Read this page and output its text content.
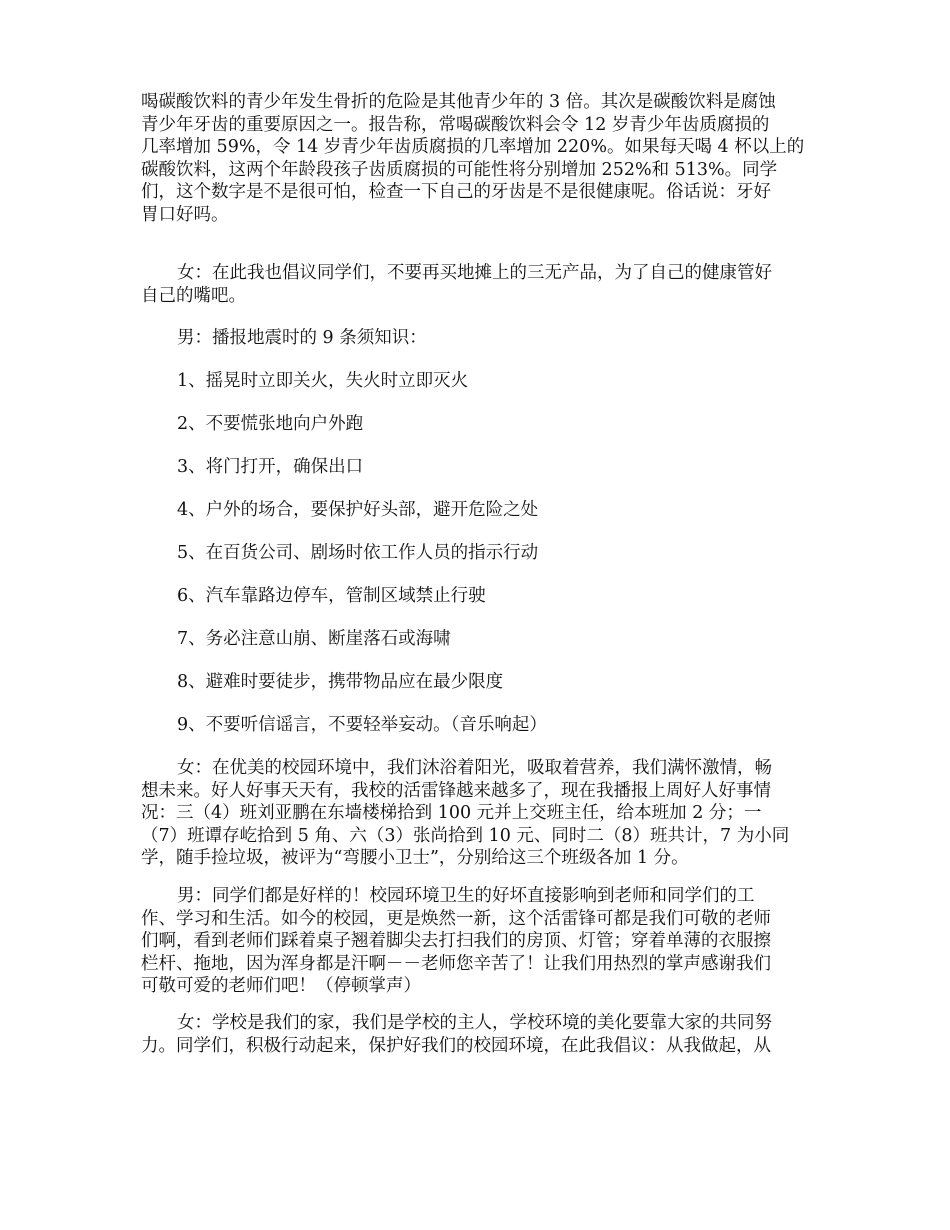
喝碳酸饮料的青少年发生骨折的危险是其他青少年的 3 倍。其次是碳酸饮料是腐蚀
青少年牙齿的重要原因之一。报告称，常喝碳酸饮料会令 12 岁青少年齿质腐损的
几率增加 59%，令 14 岁青少年齿质腐损的几率增加 220%。如果每天喝 4 杯以上的
碳酸饮料，这两个年龄段孩子齿质腐损的可能性将分别增加 252%和 513%。同学
们，这个数字是不是很可怕，检查一下自己的牙齿是不是很健康呢。俗话说：牙好
胃口好吗。
女：在此我也倡议同学们，不要再买地摊上的三无产品，为了自己的健康管好
自己的嘴吧。
男：播报地震时的 9 条须知识：
1、摇晃时立即关火，失火时立即灭火
2、不要慌张地向户外跑
3、将门打开，确保出口
4、户外的场合，要保护好头部，避开危险之处
5、在百货公司、剧场时依工作人员的指示行动
6、汽车靠路边停车，管制区域禁止行驶
7、务必注意山崩、断崖落石或海啸
8、避难时要徒步，携带物品应在最少限度
9、不要听信谣言，不要轻举妄动。（音乐响起）
女：在优美的校园环境中，我们沐浴着阳光，吸取着营养，我们满怀激情，畅
想未来。好人好事天天有，我校的活雷锋越来越多了，现在我播报上周好人好事情
况：三（4）班刘亚鹏在东墙楼梯拾到 100 元并上交班主任，给本班加 2 分；一
（7）班谭存屹拾到 5 角、六（3）张尚拾到 10 元、同时二（8）班共计，7 为小同
学，随手捡垃圾，被评为“弯腰小卫士”，分别给这三个班级各加 1 分。
男：同学们都是好样的！校园环境卫生的好坏直接影响到老师和同学们的工
作、学习和生活。如今的校园，更是焕然一新，这个活雷锋可都是我们可敬的老师
们啊，看到老师们踩着桌子翘着脚尖去打扫我们的房顶、灯管；穿着单薄的衣服擦
栏杆、拖地，因为浑身都是汗啊－－老师您辛苦了！让我们用热烈的掌声感谢我们
可敬可爱的老师们吧！（停顿掌声）
女：学校是我们的家，我们是学校的主人，学校环境的美化要靠大家的共同努
力。同学们，积极行动起来，保护好我们的校园环境，在此我倡议：从我做起，从
